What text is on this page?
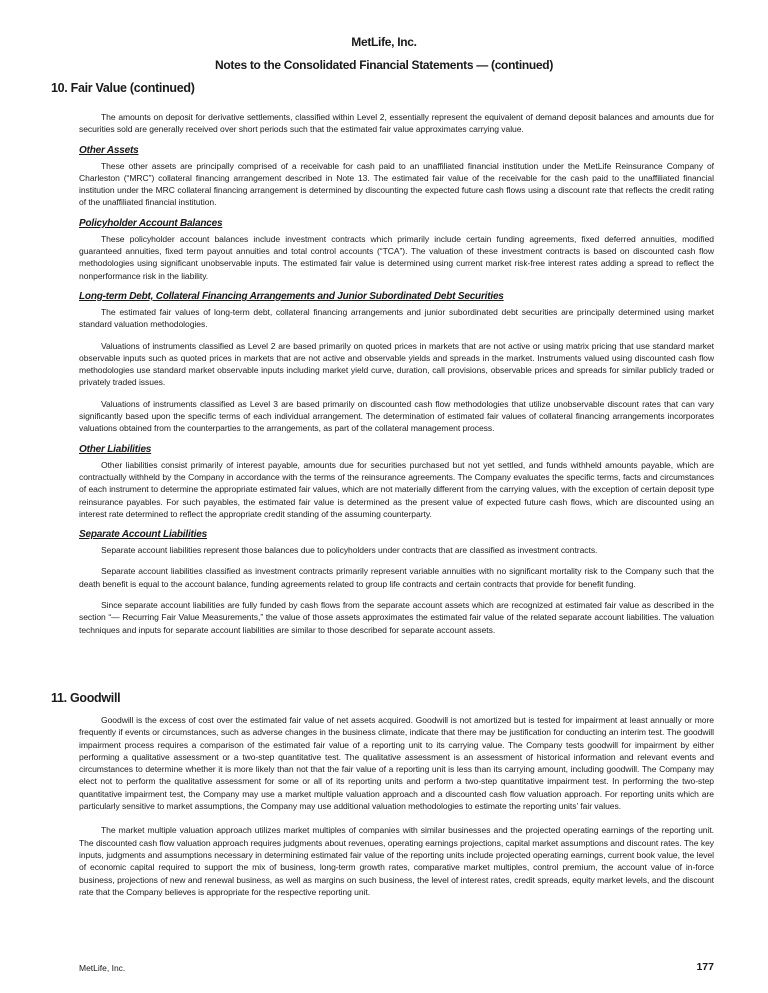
MetLife, Inc.
Notes to the Consolidated Financial Statements — (continued)
10. Fair Value (continued)

The amounts on deposit for derivative settlements, classified within Level 2, essentially represent the equivalent of demand deposit balances and amounts due for securities sold are generally received over short periods such that the estimated fair value approximates carrying value.

Other Assets

These other assets are principally comprised of a receivable for cash paid to an unaffiliated financial institution under the MetLife Reinsurance Company of Charleston (“MRC”) collateral financing arrangement described in Note 13. The estimated fair value of the receivable for the cash paid to the unaffiliated financial institution under the MRC collateral financing arrangement is determined by discounting the expected future cash flows using a discount rate that reflects the credit rating of the unaffiliated financial institution.

Policyholder Account Balances

These policyholder account balances include investment contracts which primarily include certain funding agreements, fixed deferred annuities, modified guaranteed annuities, fixed term payout annuities and total control accounts (“TCA”). The valuation of these investment contracts is based on discounted cash flow methodologies using significant unobservable inputs. The estimated fair value is determined using current market risk-free interest rates adding a spread to reflect the nonperformance risk in the liability.

Long-term Debt, Collateral Financing Arrangements and Junior Subordinated Debt Securities

The estimated fair values of long-term debt, collateral financing arrangements and junior subordinated debt securities are principally determined using market standard valuation methodologies.

Valuations of instruments classified as Level 2 are based primarily on quoted prices in markets that are not active or using matrix pricing that use standard market observable inputs such as quoted prices in markets that are not active and observable yields and spreads in the market. Instruments valued using discounted cash flow methodologies use standard market observable inputs including market yield curve, duration, call provisions, observable prices and spreads for similar publicly traded or privately traded issues.

Valuations of instruments classified as Level 3 are based primarily on discounted cash flow methodologies that utilize unobservable discount rates that can vary significantly based upon the specific terms of each individual arrangement. The determination of estimated fair values of collateral financing arrangements incorporates valuations obtained from the counterparties to the arrangements, as part of the collateral management process.

Other Liabilities

Other liabilities consist primarily of interest payable, amounts due for securities purchased but not yet settled, and funds withheld amounts payable, which are contractually withheld by the Company in accordance with the terms of the reinsurance agreements. The Company evaluates the specific terms, facts and circumstances of each instrument to determine the appropriate estimated fair values, which are not materially different from the carrying values, with the exception of certain deposit type reinsurance payables. For such payables, the estimated fair value is determined as the present value of expected future cash flows, which are discounted using an interest rate determined to reflect the appropriate credit standing of the assuming counterparty.

Separate Account Liabilities

Separate account liabilities represent those balances due to policyholders under contracts that are classified as investment contracts.

Separate account liabilities classified as investment contracts primarily represent variable annuities with no significant mortality risk to the Company such that the death benefit is equal to the account balance, funding agreements related to group life contracts and certain contracts that provide for benefit funding.

Since separate account liabilities are fully funded by cash flows from the separate account assets which are recognized at estimated fair value as described in the section “— Recurring Fair Value Measurements,” the value of those assets approximates the estimated fair value of the related separate account liabilities. The valuation techniques and inputs for separate account liabilities are similar to those described for separate account assets.

11. Goodwill

Goodwill is the excess of cost over the estimated fair value of net assets acquired. Goodwill is not amortized but is tested for impairment at least annually or more frequently if events or circumstances, such as adverse changes in the business climate, indicate that there may be justification for conducting an interim test. The goodwill impairment process requires a comparison of the estimated fair value of a reporting unit to its carrying value. The Company tests goodwill for impairment by either performing a qualitative assessment or a two-step quantitative test. The qualitative assessment is an assessment of historical information and relevant events and circumstances to determine whether it is more likely than not that the fair value of a reporting unit is less than its carrying amount, including goodwill. The Company may elect not to perform the qualitative assessment for some or all of its reporting units and perform a two-step quantitative impairment test. In performing the two-step quantitative impairment test, the Company may use a market multiple valuation approach and a discounted cash flow valuation approach. For reporting units which are particularly sensitive to market assumptions, the Company may use additional valuation methodologies to estimate the reporting units’ fair values.

The market multiple valuation approach utilizes market multiples of companies with similar businesses and the projected operating earnings of the reporting unit. The discounted cash flow valuation approach requires judgments about revenues, operating earnings projections, capital market assumptions and discount rates. The key inputs, judgments and assumptions necessary in determining estimated fair value of the reporting units include projected operating earnings, current book value, the level of economic capital required to support the mix of business, long-term growth rates, comparative market multiples, control premium, the account value of in-force business, projections of new and renewal business, as well as margins on such business, the level of interest rates, credit spreads, equity market levels, and the discount rate that the Company believes is appropriate for the respective reporting unit.

MetLife, Inc.	177
